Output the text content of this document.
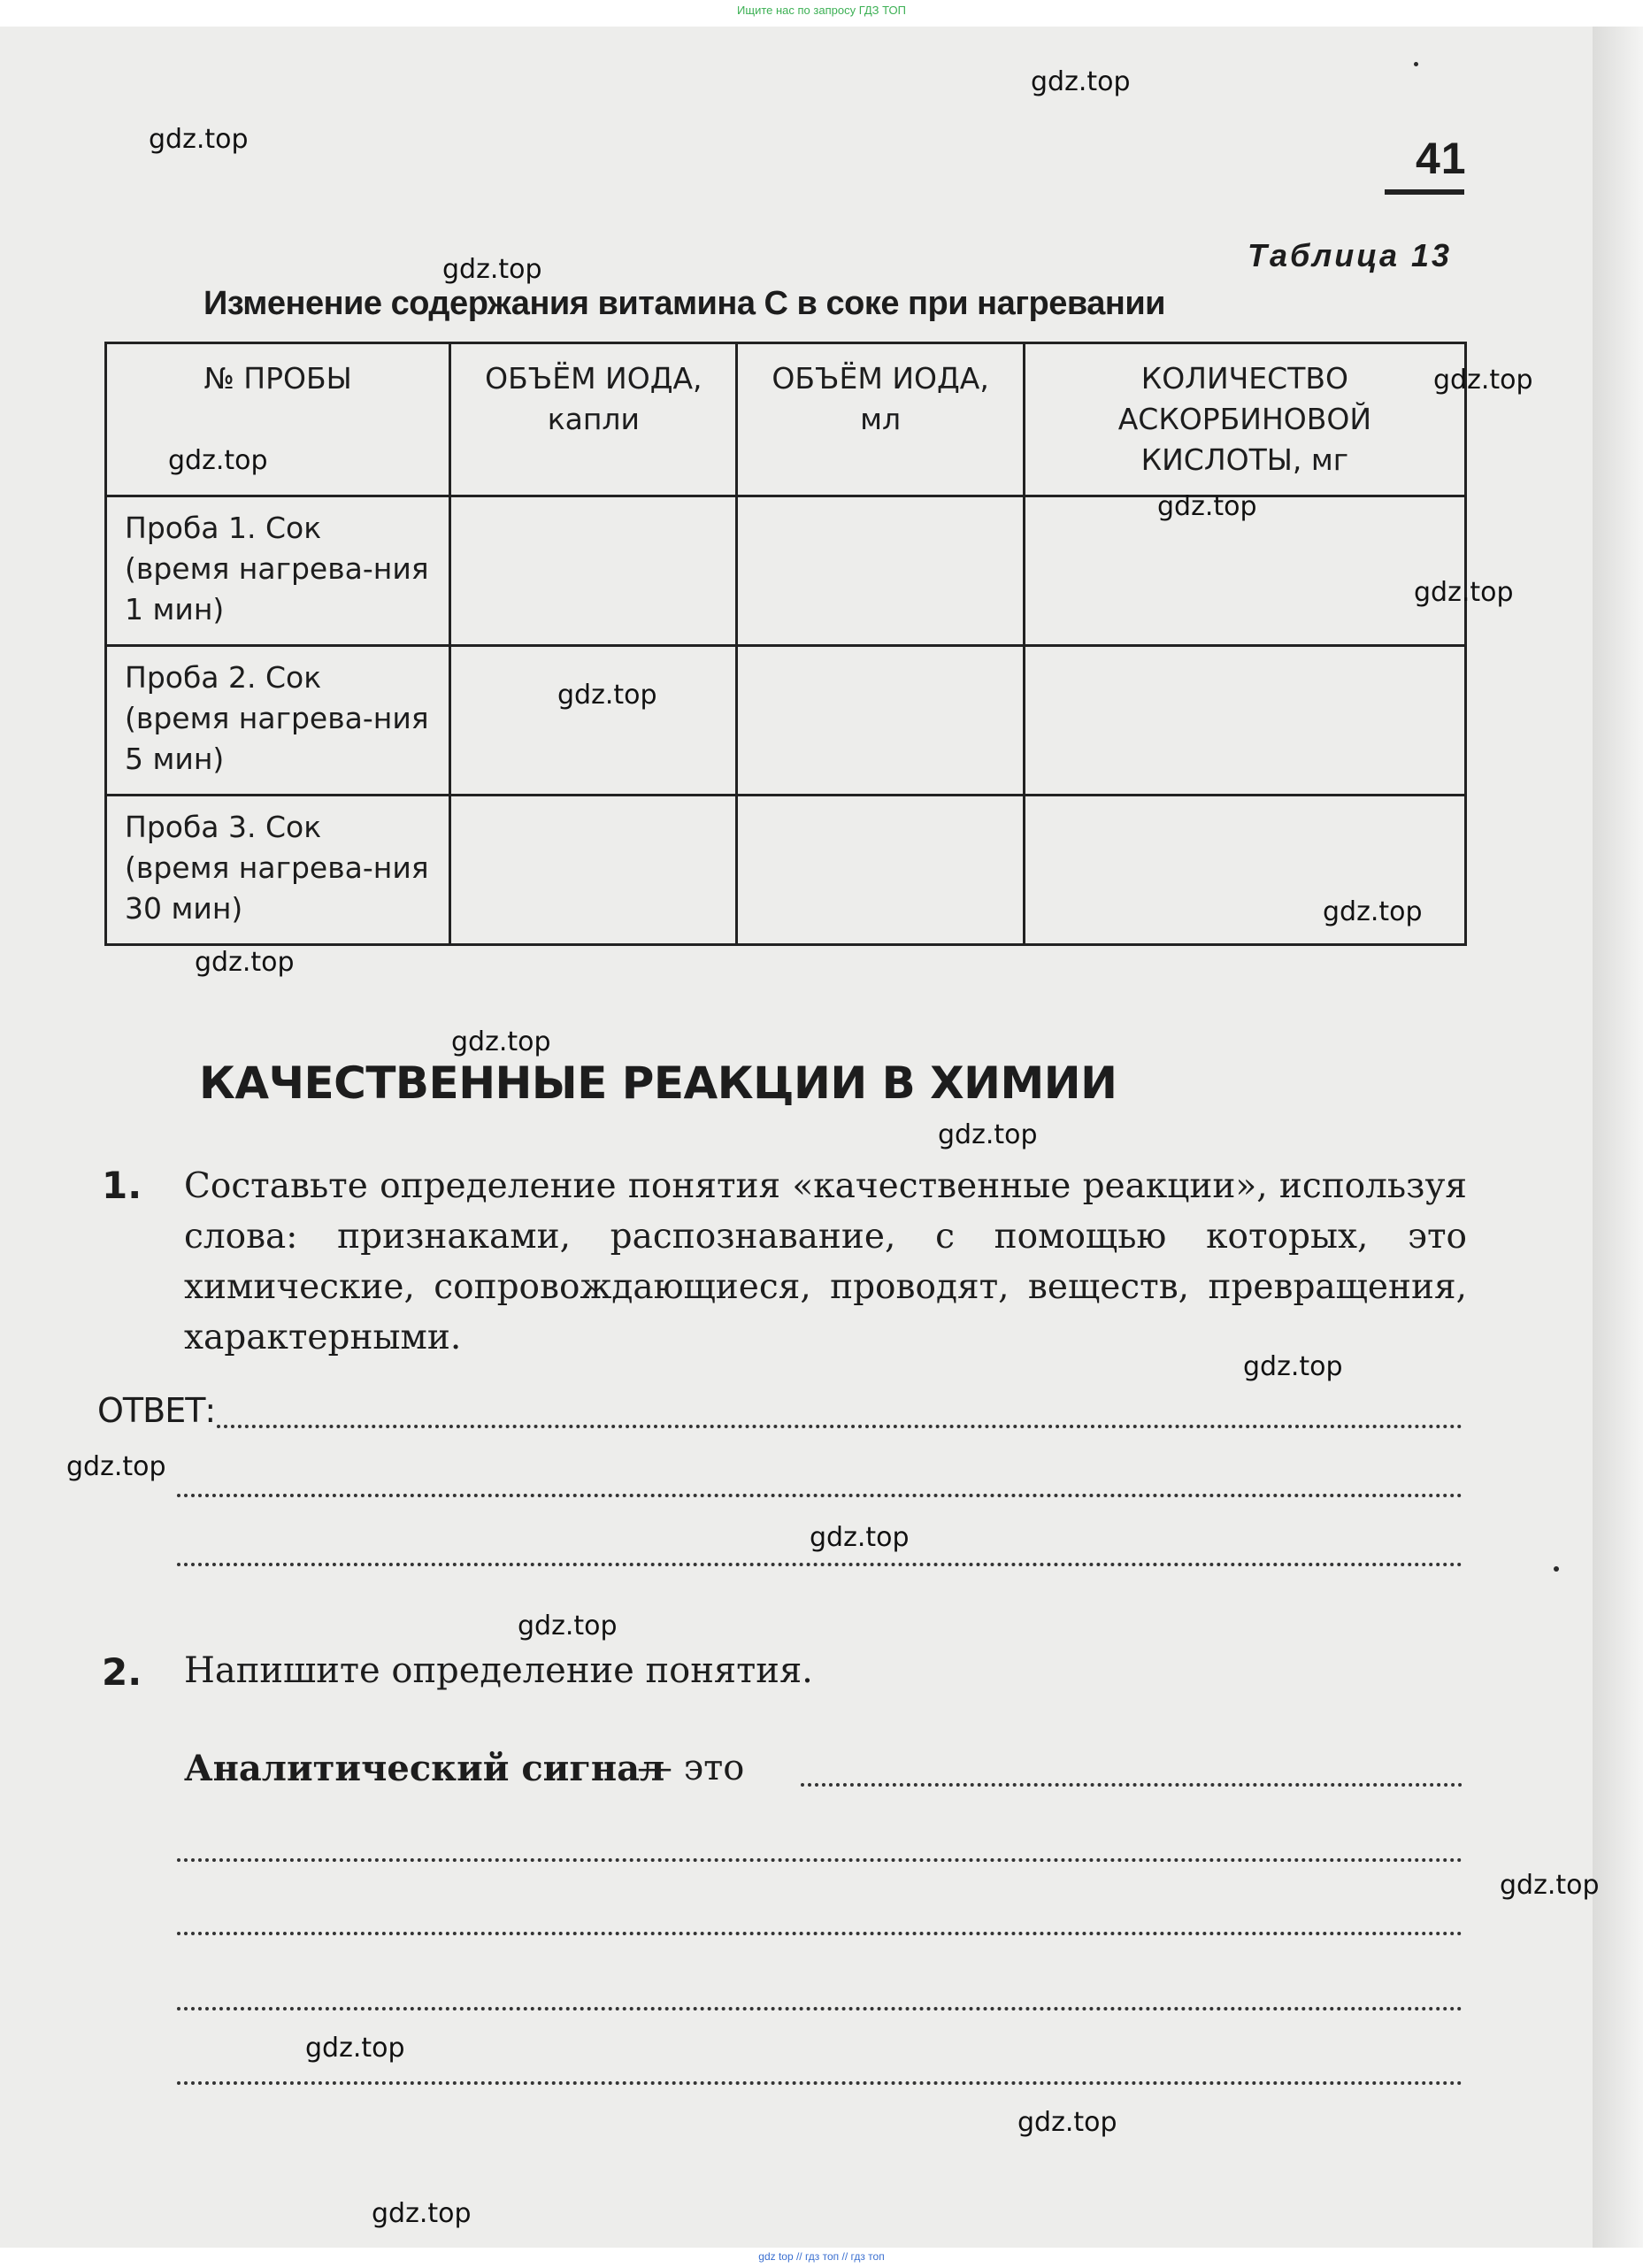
Ищите нас по запросу ГДЗ ТОП
41
Таблица 13
Изменение содержания витамина С в соке при нагревании
№ ПРОБЫ	ОБЪЁМ ИОДА, капли	ОБЪЁМ ИОДА, мл	КОЛИЧЕСТВО АСКОРБИНОВОЙ КИСЛОТЫ, мг
Проба 1. Сок (время нагрева-ния 1 мин)			
Проба 2. Сок (время нагрева-ния 5 мин)			
Проба 3. Сок (время нагрева-ния 30 мин)			
КАЧЕСТВЕННЫЕ РЕАКЦИИ В ХИМИИ
1. Составьте определение понятия «качественные реакции», используя слова: признаками, распознавание, с помощью которых, это химические, сопровождающиеся, проводят, веществ, превращения, характерными.
ОТВЕТ:
2. Напишите определение понятия.
Аналитический сигнал
— это
gdz.top
gdz.top
gdz.top
gdz.top
gdz.top
gdz.top
gdz.top
gdz.top
gdz.top
gdz.top
gdz.top
gdz.top
gdz.top
gdz.top
gdz.top
gdz.top
gdz.top
gdz.top
gdz.top
gdz.top
gdz top // гдз топ // гдз топ
